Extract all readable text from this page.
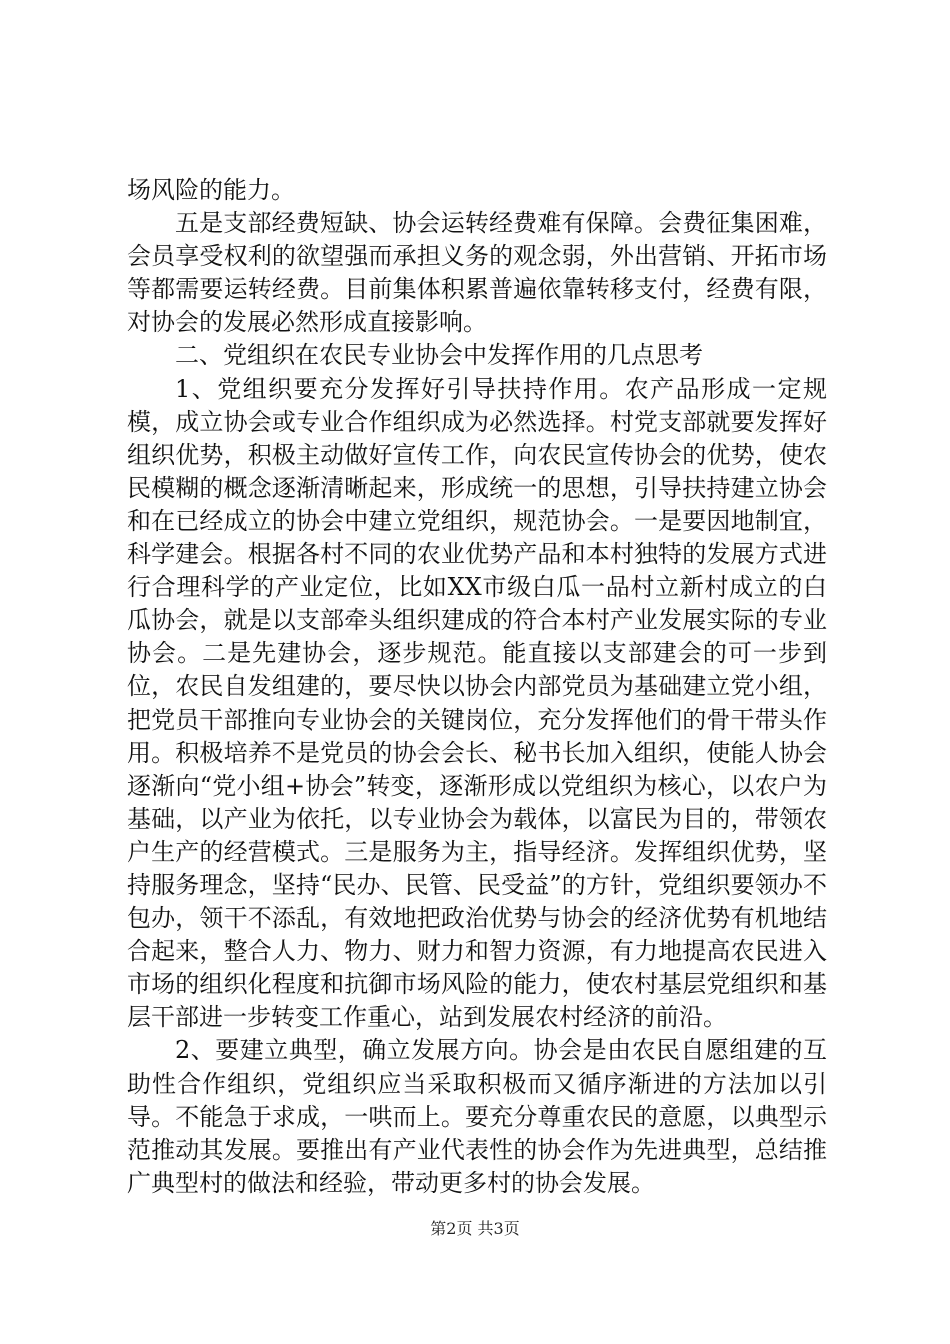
场风险的能力。

五是支部经费短缺、协会运转经费难有保障。会费征集困难，会员享受权利的欲望强而承担义务的观念弱，外出营销、开拓市场等都需要运转经费。目前集体积累普遍依靠转移支付，经费有限，对协会的发展必然形成直接影响。

二、党组织在农民专业协会中发挥作用的几点思考

1、党组织要充分发挥好引导扶持作用。农产品形成一定规模，成立协会或专业合作组织成为必然选择。村党支部就要发挥好组织优势，积极主动做好宣传工作，向农民宣传协会的优势，使农民模糊的概念逐渐清晰起来，形成统一的思想，引导扶持建立协会和在已经成立的协会中建立党组织，规范协会。一是要因地制宜，科学建会。根据各村不同的农业优势产品和本村独特的发展方式进行合理科学的产业定位，比如XX市级白瓜一品村立新村成立的白瓜协会，就是以支部牵头组织建成的符合本村产业发展实际的专业协会。二是先建协会，逐步规范。能直接以支部建会的可一步到位，农民自发组建的，要尽快以协会内部党员为基础建立党小组，把党员干部推向专业协会的关键岗位，充分发挥他们的骨干带头作用。积极培养不是党员的协会会长、秘书长加入组织，使能人协会逐渐向“党小组+协会”转变，逐渐形成以党组织为核心，以农户为基础，以产业为依托，以专业协会为载体，以富民为目的，带领农户生产的经营模式。三是服务为主，指导经济。发挥组织优势，坚持服务理念，坚持“民办、民管、民受益”的方针，党组织要领办不包办，领干不添乱，有效地把政治优势与协会的经济优势有机地结合起来，整合人力、物力、财力和智力资源，有力地提高农民进入市场的组织化程度和抗御市场风险的能力，使农村基层党组织和基层干部进一步转变工作重心，站到发展农村经济的前沿。

2、要建立典型，确立发展方向。协会是由农民自愿组建的互助性合作组织，党组织应当采取积极而又循序渐进的方法加以引导。不能急于求成，一哄而上。要充分尊重农民的意愿，以典型示范推动其发展。要推出有产业代表性的协会作为先进典型，总结推广典型村的做法和经验，带动更多村的协会发展。

第2页 共3页
